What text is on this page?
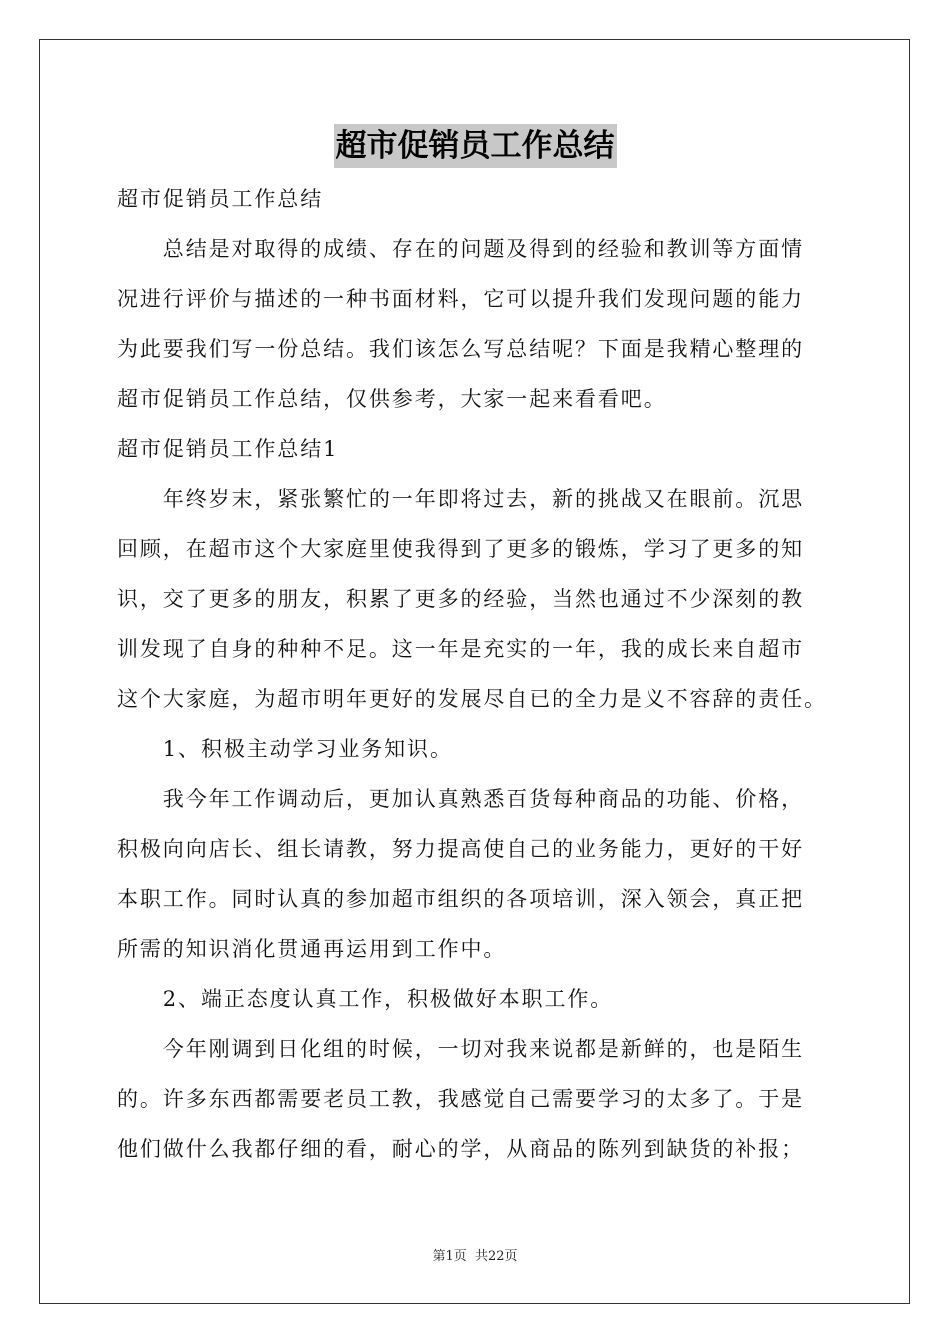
超市促销员工作总结
超市促销员工作总结
　　总结是对取得的成绩、存在的问题及得到的经验和教训等方面情
况进行评价与描述的一种书面材料，它可以提升我们发现问题的能力
为此要我们写一份总结。我们该怎么写总结呢？下面是我精心整理的
超市促销员工作总结，仅供参考，大家一起来看看吧。
超市促销员工作总结1
　　年终岁末，紧张繁忙的一年即将过去，新的挑战又在眼前。沉思
回顾，在超市这个大家庭里使我得到了更多的锻炼，学习了更多的知
识，交了更多的朋友，积累了更多的经验，当然也通过不少深刻的教
训发现了自身的种种不足。这一年是充实的一年，我的成长来自超市
这个大家庭，为超市明年更好的发展尽自已的全力是义不容辞的责任。
　　1、积极主动学习业务知识。
　　我今年工作调动后，更加认真熟悉百货每种商品的功能、价格，
积极向向店长、组长请教，努力提高使自己的业务能力，更好的干好
本职工作。同时认真的参加超市组织的各项培训，深入领会，真正把
所需的知识消化贯通再运用到工作中。
　　2、端正态度认真工作，积极做好本职工作。
　　今年刚调到日化组的时候，一切对我来说都是新鲜的，也是陌生
的。许多东西都需要老员工教，我感觉自己需要学习的太多了。于是
他们做什么我都仔细的看，耐心的学，从商品的陈列到缺货的补报；
第1页 共22页
